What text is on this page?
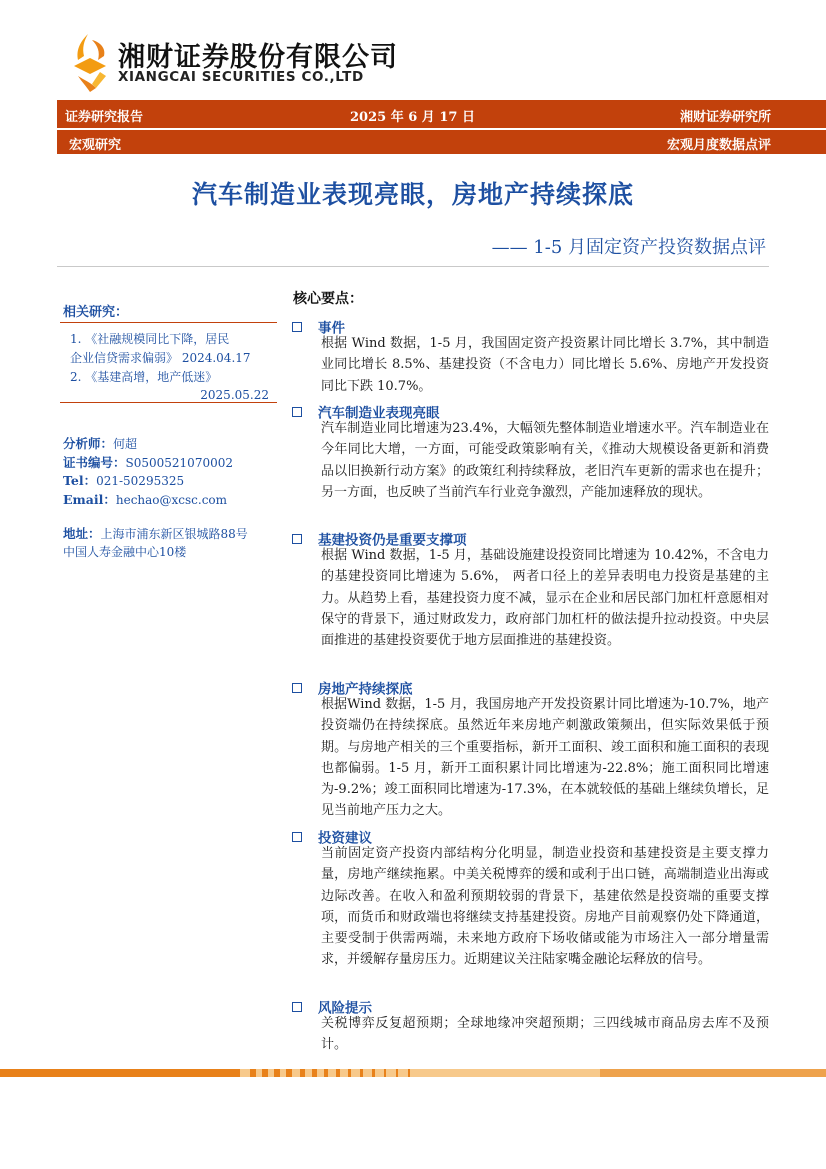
湘财证券股份有限公司
XIANGCAI SECURITIES CO.,LTD
证券研究报告	2025 年 6 月 17 日	湘财证券研究所
宏观研究	宏观月度数据点评
汽车制造业表现亮眼，房地产持续探底
—— 1-5 月固定资产投资数据点评
相关研究：
1. 《社融规模同比下降，居民
企业信贷需求偏弱》 2024.04.17
2. 《基建高增，地产低迷》
2025.05.22
分析师：何超
证书编号：S0500521070002
Tel：021-50295325
Email：hechao@xcsc.com
地址：上海市浦东新区银城路88号
中国人寿金融中心10楼
核心要点：
事件
根据 Wind 数据，1-5 月，我国固定资产投资累计同比增长 3.7%，其中制造业同比增长 8.5%、基建投资（不含电力）同比增长 5.6%、房地产开发投资同比下跌 10.7%。
汽车制造业表现亮眼
汽车制造业同比增速为23.4%，大幅领先整体制造业增速水平。汽车制造业在今年同比大增，一方面，可能受政策影响有关，《推动大规模设备更新和消费品以旧换新行动方案》的政策红利持续释放，老旧汽车更新的需求也在提升；另一方面，也反映了当前汽车行业竞争激烈，产能加速释放的现状。
基建投资仍是重要支撑项
根据 Wind 数据，1-5 月，基础设施建设投资同比增速为 10.42%，不含电力的基建投资同比增速为 5.6%， 两者口径上的差异表明电力投资是基建的主力。从趋势上看，基建投资力度不减，显示在企业和居民部门加杠杆意愿相对保守的背景下，通过财政发力，政府部门加杠杆的做法提升拉动投资。中央层面推进的基建投资要优于地方层面推进的基建投资。
房地产持续探底
根据Wind 数据，1-5 月，我国房地产开发投资累计同比增速为-10.7%，地产投资端仍在持续探底。虽然近年来房地产刺激政策频出，但实际效果低于预期。与房地产相关的三个重要指标，新开工面积、竣工面积和施工面积的表现也都偏弱。1-5 月，新开工面积累计同比增速为-22.8%；施工面积同比增速为-9.2%；竣工面积同比增速为-17.3%，在本就较低的基础上继续负增长，足见当前地产压力之大。
投资建议
当前固定资产投资内部结构分化明显，制造业投资和基建投资是主要支撑力量，房地产继续拖累。中美关税博弈的缓和或利于出口链，高端制造业出海或边际改善。在收入和盈利预期较弱的背景下，基建依然是投资端的重要支撑项，而货币和财政端也将继续支持基建投资。房地产目前观察仍处下降通道，主要受制于供需两端，未来地方政府下场收储或能为市场注入一部分增量需求，并缓解存量房压力。近期建议关注陆家嘴金融论坛释放的信号。
风险提示
关税博弈反复超预期；全球地缘冲突超预期；三四线城市商品房去库不及预计。
